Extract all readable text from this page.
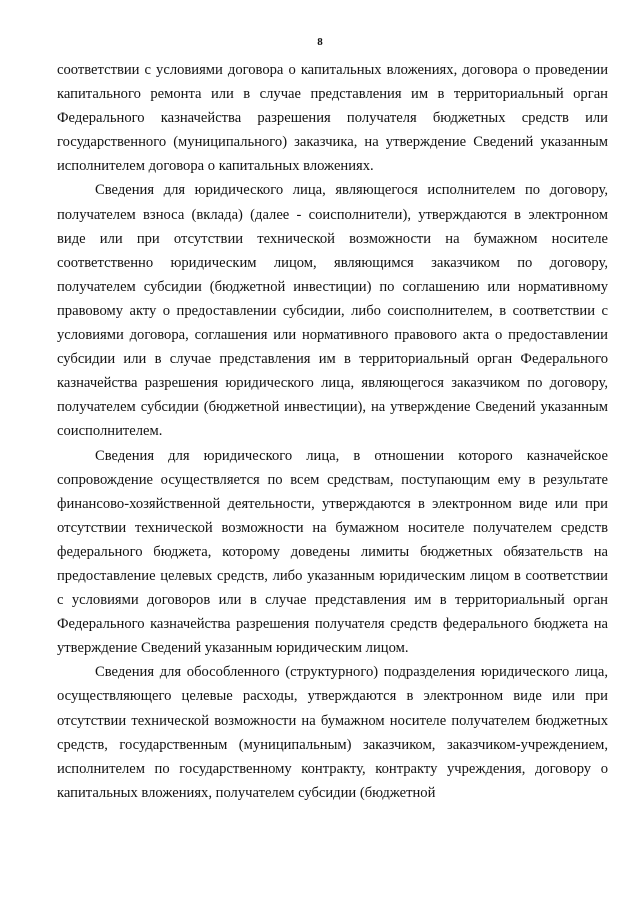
8

соответствии с условиями договора о капитальных вложениях, договора о проведении капитального ремонта или в случае представления им в территориальный орган Федерального казначейства разрешения получателя бюджетных средств или государственного (муниципального) заказчика, на утверждение Сведений указанным исполнителем договора о капитальных вложениях.

Сведения для юридического лица, являющегося исполнителем по договору, получателем взноса (вклада) (далее - соисполнители), утверждаются в электронном виде или при отсутствии технической возможности на бумажном носителе соответственно юридическим лицом, являющимся заказчиком по договору, получателем субсидии (бюджетной инвестиции) по соглашению или нормативному правовому акту о предоставлении субсидии, либо соисполнителем, в соответствии с условиями договора, соглашения или нормативного правового акта о предоставлении субсидии или в случае представления им в территориальный орган Федерального казначейства разрешения юридического лица, являющегося заказчиком по договору, получателем субсидии (бюджетной инвестиции), на утверждение Сведений указанным соисполнителем.

Сведения для юридического лица, в отношении которого казначейское сопровождение осуществляется по всем средствам, поступающим ему в результате финансово-хозяйственной деятельности, утверждаются в электронном виде или при отсутствии технической возможности на бумажном носителе получателем средств федерального бюджета, которому доведены лимиты бюджетных обязательств на предоставление целевых средств, либо указанным юридическим лицом в соответствии с условиями договоров или в случае представления им в территориальный орган Федерального казначейства разрешения получателя средств федерального бюджета на утверждение Сведений указанным юридическим лицом.

Сведения для обособленного (структурного) подразделения юридического лица, осуществляющего целевые расходы, утверждаются в электронном виде или при отсутствии технической возможности на бумажном носителе получателем бюджетных средств, государственным (муниципальным) заказчиком, заказчиком-учреждением, исполнителем по государственному контракту, контракту учреждения, договору о капитальных вложениях, получателем субсидии (бюджетной
